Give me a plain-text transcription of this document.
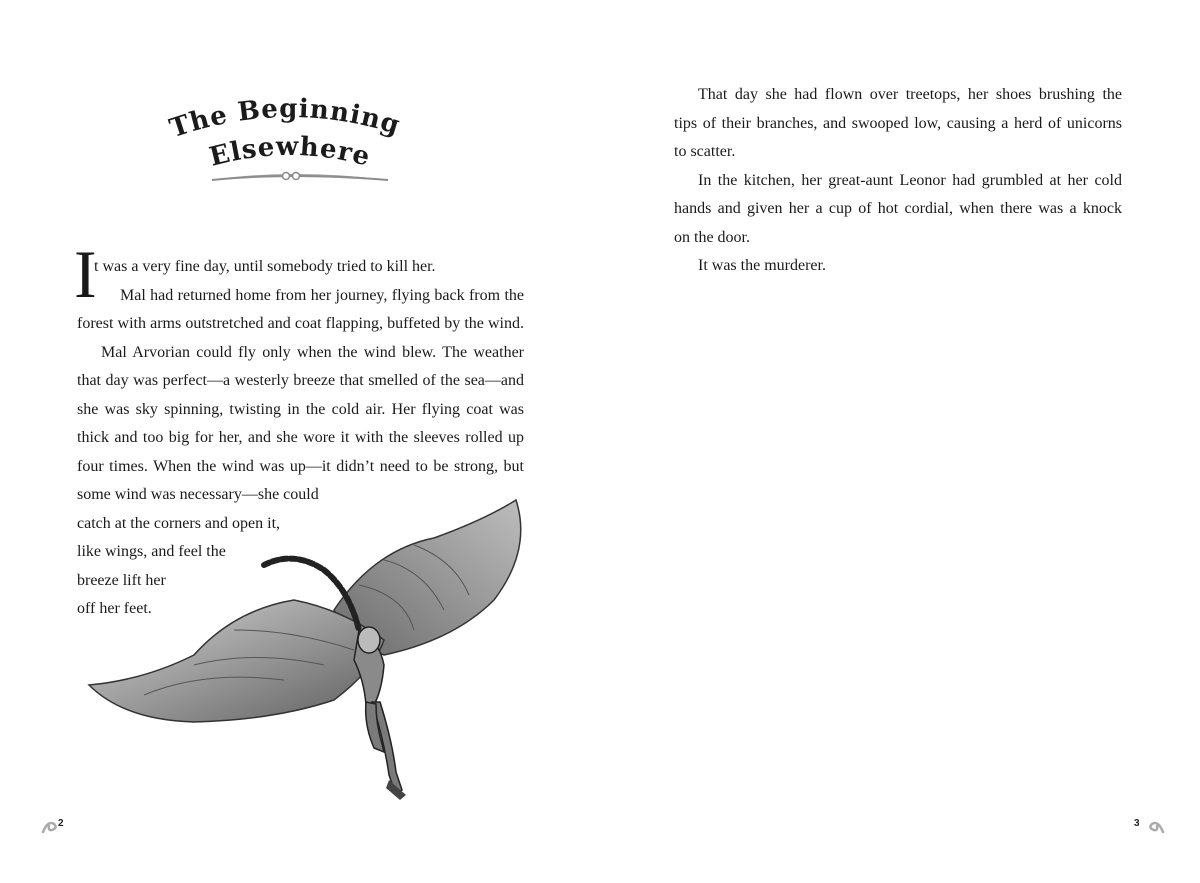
The Beginning,
Elsewhere
I
t was a very fine day, until somebody tried to kill her.
Mal had returned home from her journey, flying back from the
forest with arms outstretched and coat flapping, buffeted by the wind.
Mal Arvorian could fly only when the wind blew. The weather
that day was perfect—a westerly breeze that smelled of the sea—and
she was sky spinning, twisting in the cold air. Her flying coat was
thick and too big for her, and she wore it with the sleeves rolled up
four times. When the wind was up—it didn’t need to be strong, but
some wind was necessary—she could
catch at the corners and open it,
like wings, and feel the
breeze lift her
off her feet.
2
That day she had flown over treetops, her shoes brushing the
tips of their branches, and swooped low, causing a herd of unicorns
to scatter.
In the kitchen, her great-aunt Leonor had grumbled at her cold
hands and given her a cup of hot cordial, when there was a knock
on the door.
It was the murderer.
3
